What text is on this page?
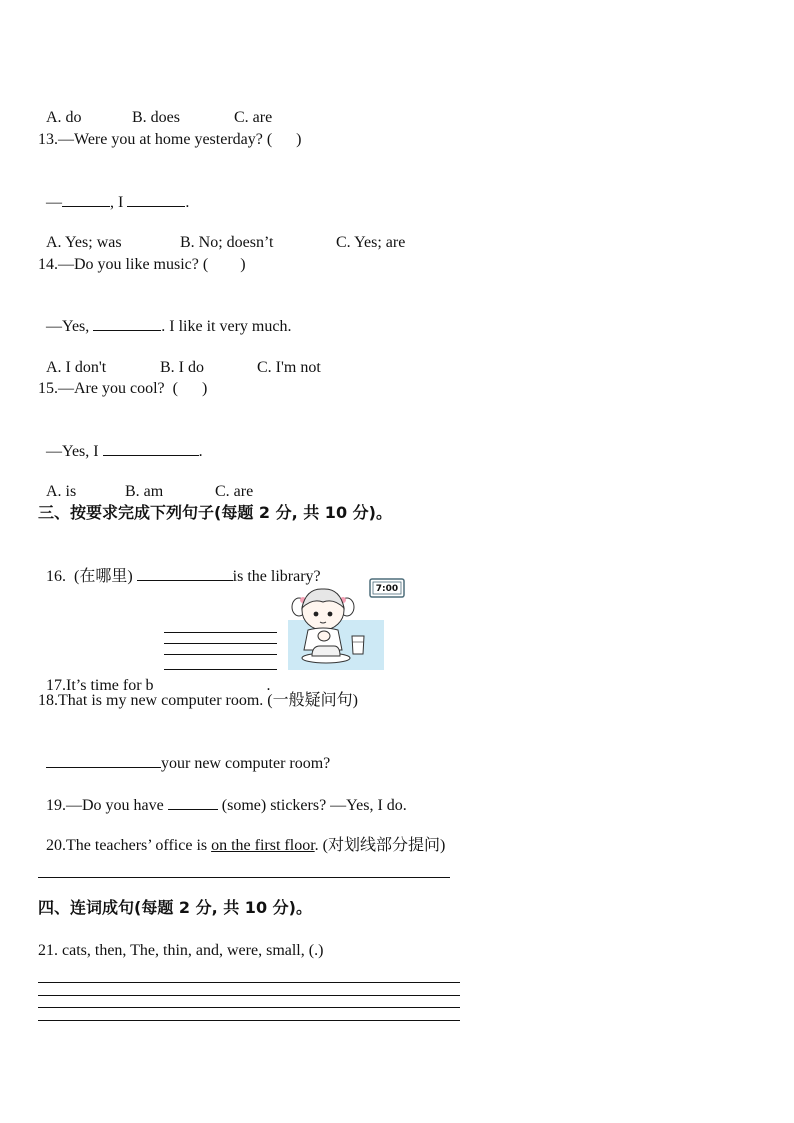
A. do	B. does	C. are

13.—Were you at home yesterday? (      )

—	, I	.

A. Yes; was	B. No; doesn’t	C. Yes; are

14.—Do you like music? (        )

—Yes,	. I like it very much.

A. I don't	B. I do	C. I'm not

15.—Are you cool?  (      )

—Yes, I	.

A. is	B. am	C. are

三、按要求完成下列句子(每题 2 分, 共 10 分)。

16.  (在哪里)	is the library?

17.It’s time for b	.

7:00
18.That is my new computer room. (一般疑问句)

your new computer room?

19.—Do you have	(some) stickers? —Yes, I do.

20.The teachers’ office is on the first floor. (对划线部分提问)

四、连词成句(每题 2 分, 共 10 分)。
21. cats, then, The, thin, and, were, small, (.)
